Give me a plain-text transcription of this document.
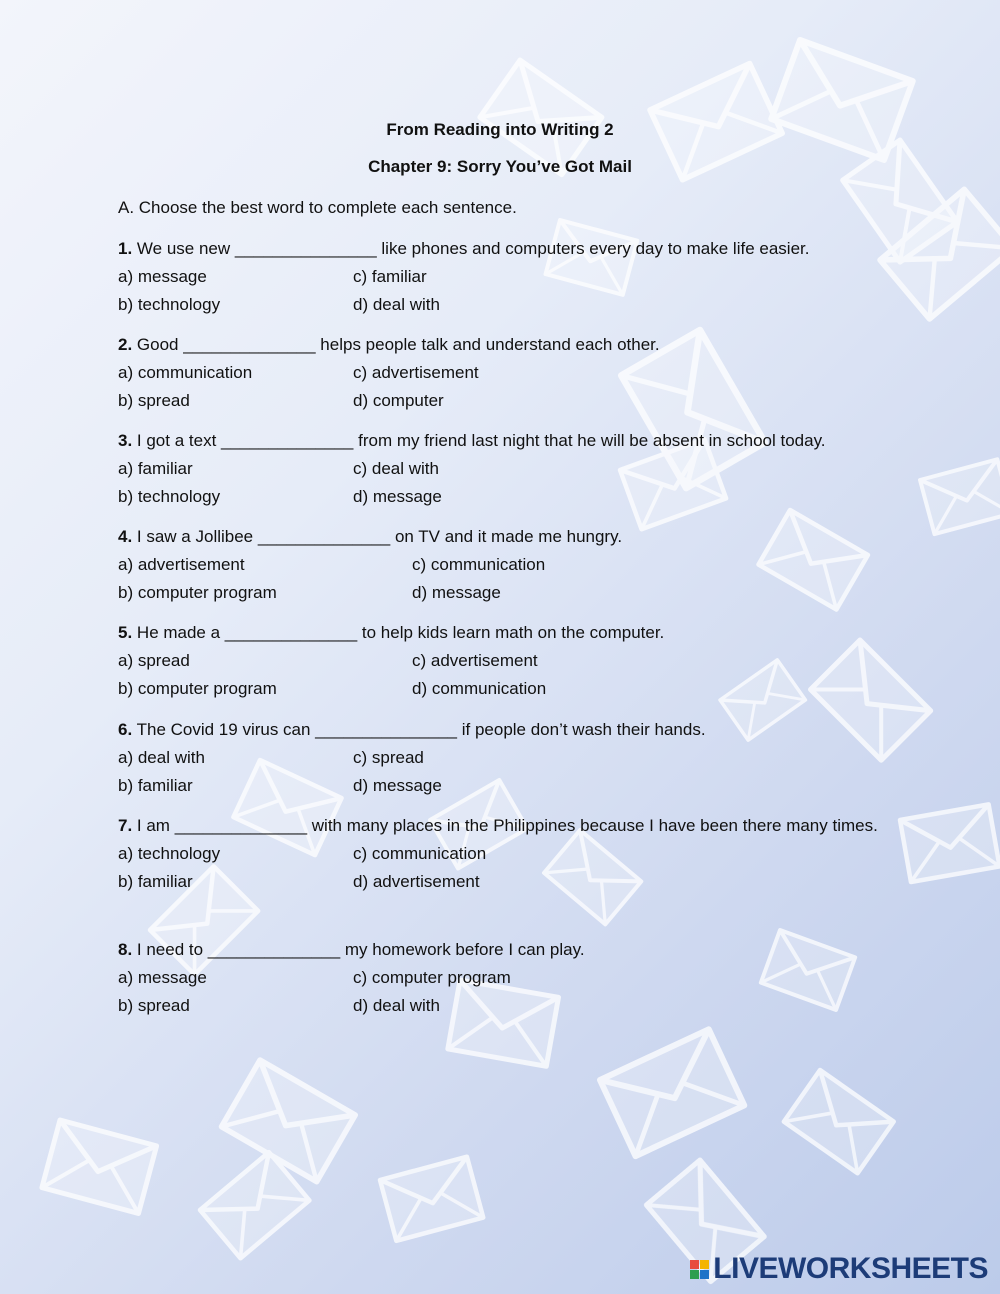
From Reading into Writing 2
Chapter 9: Sorry You’ve Got Mail
A. Choose the best word to complete each sentence.
1. We use new _______________ like phones and computers every day to make life easier.
a) message	c) familiar
b) technology	d) deal with
2. Good ______________ helps people talk and understand each other.
a) communication	c) advertisement
b) spread	d) computer
3. I got a text ______________ from my friend last night that he will be absent in school today.
a) familiar	c) deal with
b) technology	d) message
4. I saw a Jollibee ______________ on TV and it made me hungry.
a) advertisement	c) communication
b) computer program	d) message
5. He made a ______________ to help kids learn math on the computer.
a) spread	c) advertisement
b) computer program	d) communication
6. The Covid 19 virus can _______________ if people don’t wash their hands.
a) deal with	c) spread
b) familiar	d) message
7. I am ______________ with many places in the Philippines because I have been there many times.
a) technology	c) communication
b) familiar	d) advertisement
8. I need to ______________ my homework before I can play.
a) message	c) computer program
b) spread	d) deal with
LIVEWORKSHEETS
